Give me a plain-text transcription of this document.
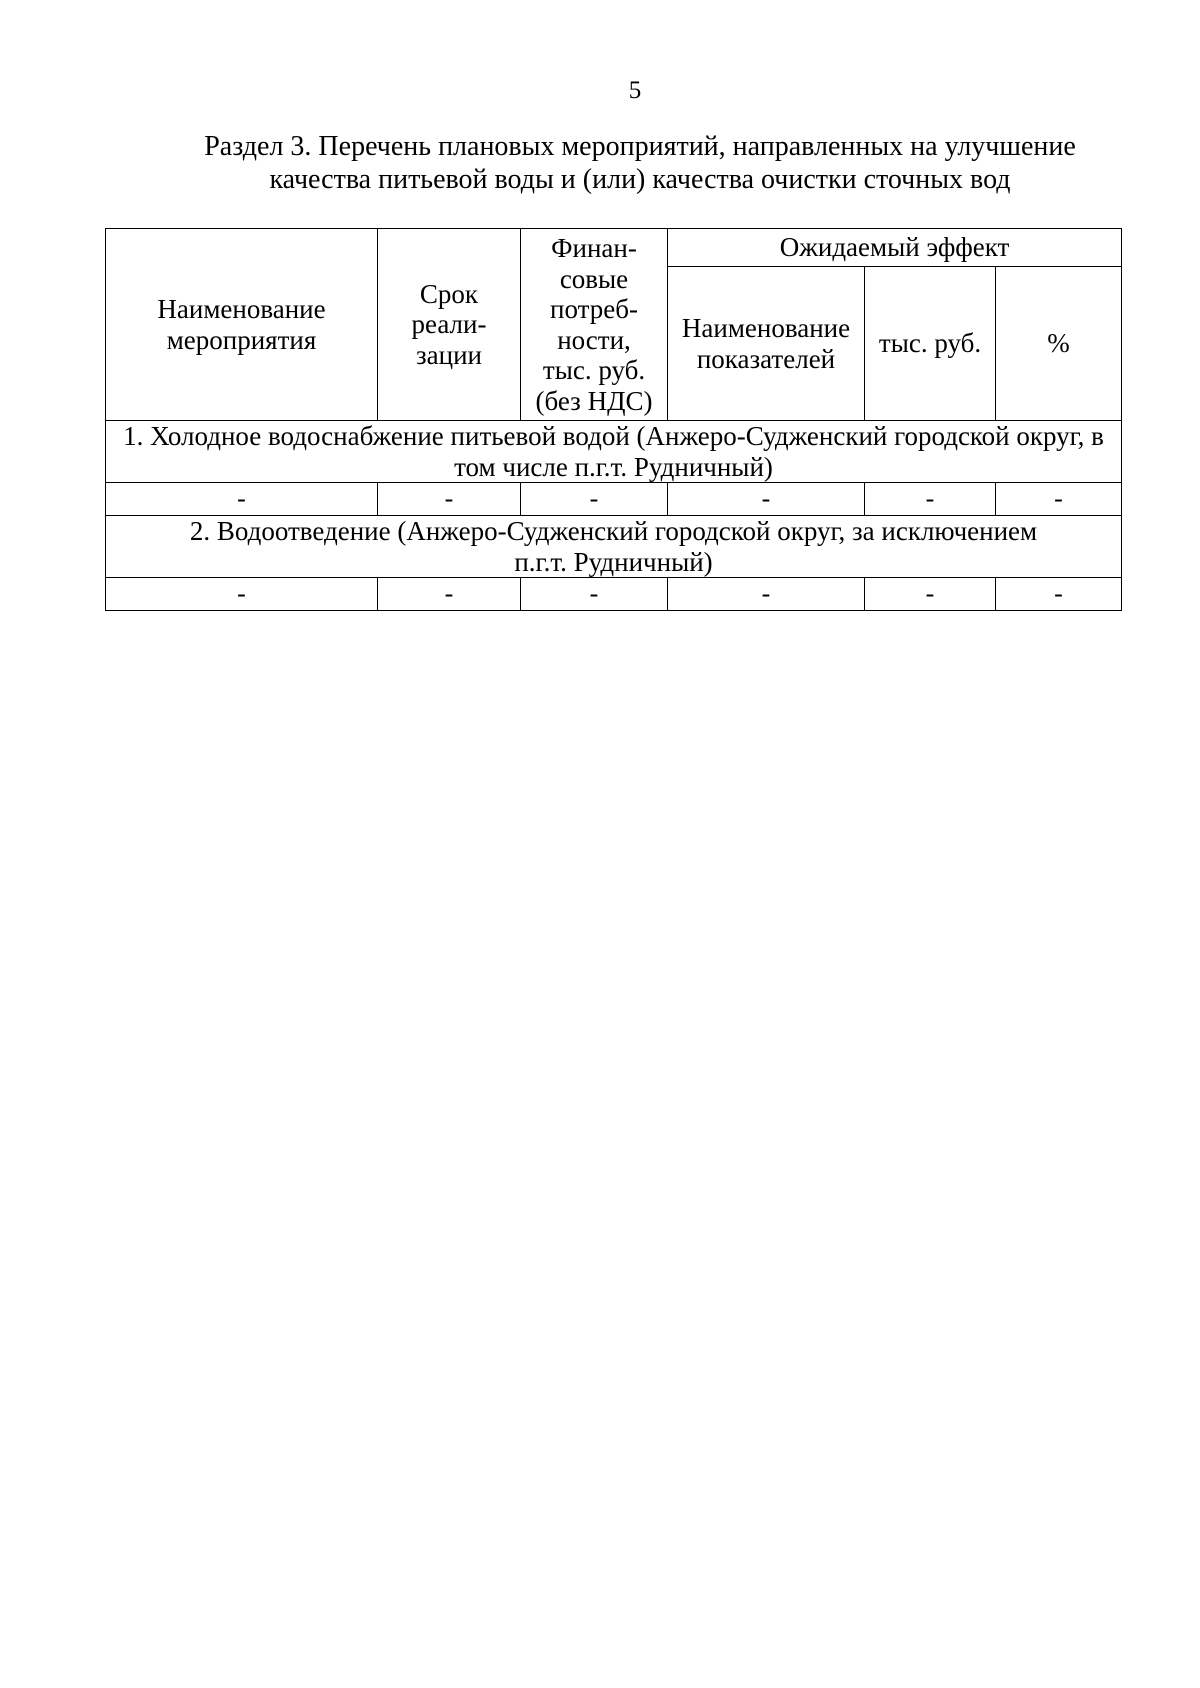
5
Раздел 3. Перечень плановых мероприятий, направленных на улучшение
качества питьевой воды и (или) качества очистки сточных вод
Наименование мероприятия	Срок реали- зации	Финан- совые потреб- ности, тыс. руб. (без НДС)	Ожидаемый эффект		

			Наименование показателей	тыс. руб.	%
1. Холодное водоснабжение питьевой водой (Анжеро-Судженский городской округ, в том числе п.г.т. Рудничный)					
-	-	-	-	-	-

2. Водоотведение (Анжеро-Судженский городской округ, за исключением п.г.т. Рудничный)					

-	-	-	-	-	-
